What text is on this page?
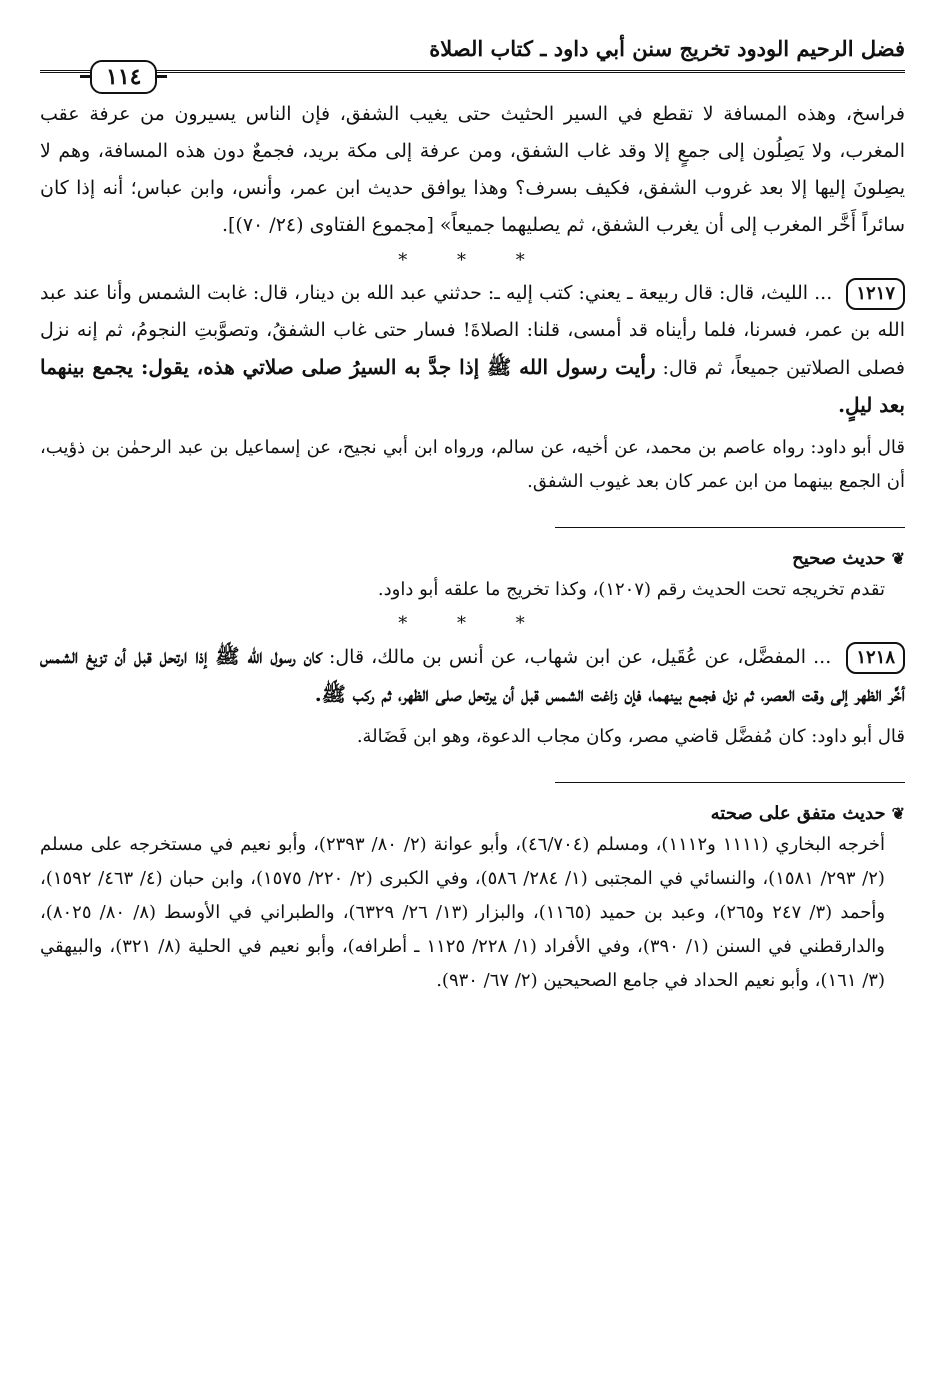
فضل الرحيم الودود تخريج سنن أبي داود ـ كتاب الصلاة
١١٤

فراسخ، وهذه المسافة لا تقطع في السير الحثيث حتى يغيب الشفق، فإن الناس يسيرون من عرفة عقب المغرب، ولا يَصِلُون إلى جمعٍ إلا وقد غاب الشفق، ومن عرفة إلى مكة بريد، فجمعٌ دون هذه المسافة، وهم لا يصِلونَ إليها إلا بعد غروب الشفق، فكيف بسرف؟ وهذا يوافق حديث ابن عمر، وأنس، وابن عباس؛ أنه إذا كان سائراً أَخَّر المغرب إلى أن يغرب الشفق، ثم يصليهما جميعاً» [مجموع الفتاوى (٢٤/ ٧٠)].

* * *

١٢١٧ ... الليث، قال: قال ربيعة ـ يعني: كتب إليه ـ: حدثني عبد الله بن دينار، قال: غابت الشمس وأنا عند عبد الله بن عمر، فسرنا، فلما رأيناه قد أمسى، قلنا: الصلاةَ! فسار حتى غاب الشفقُ، وتصوَّبتِ النجومُ، ثم إنه نزل فصلى الصلاتين جميعاً، ثم قال: رأيت رسول الله ﷺ إذا جدَّ به السيرُ صلى صلاتي هذه، يقول: يجمع بينهما بعد ليلٍ.

قال أبو داود: رواه عاصم بن محمد، عن أخيه، عن سالم، ورواه ابن أبي نجيح، عن إسماعيل بن عبد الرحمٰن بن ذؤيب، أن الجمع بينهما من ابن عمر كان بعد غيوب الشفق.

❦حديث صحيح

تقدم تخريجه تحت الحديث رقم (١٢٠٧)، وكذا تخريج ما علقه أبو داود.

* * *

١٢١٨ ... المفضَّل، عن عُقَيل، عن ابن شهاب، عن أنس بن مالك، قال: كان رسول الله ﷺ إذا ارتحل قبل أن تزيغ الشمس أخَّر الظهر إلى وقت العصر، ثم نزل فجمع بينهما، فإن زاغت الشمس قبل أن يرتحل صلى الظهر، ثم ركب ﷺ.

قال أبو داود: كان مُفضَّل قاضي مصر، وكان مجاب الدعوة، وهو ابن فَضَالة.

❦حديث متفق على صحته

أخرجه البخاري (١١١١ و١١١٢)، ومسلم (٤٦/٧٠٤)، وأبو عوانة (٢/ ٨٠/ ٢٣٩٣)، وأبو نعيم في مستخرجه على مسلم (٢/ ٢٩٣/ ١٥٨١)، والنسائي في المجتبى (١/ ٢٨٤/ ٥٨٦)، وفي الكبرى (٢/ ٢٢٠/ ١٥٧٥)، وابن حبان (٤/ ٤٦٣/ ١٥٩٢)، وأحمد (٣/ ٢٤٧ و٢٦٥)، وعبد بن حميد (١١٦٥)، والبزار (١٣/ ٢٦/ ٦٣٢٩)، والطبراني في الأوسط (٨/ ٨٠/ ٨٠٢٥)، والدارقطني في السنن (١/ ٣٩٠)، وفي الأفراد (١/ ٢٢٨/ ١١٢٥ ـ أطرافه)، وأبو نعيم في الحلية (٨/ ٣٢١)، والبيهقي (٣/ ١٦١)، وأبو نعيم الحداد في جامع الصحيحين (٢/ ٦٧/ ٩٣٠).
